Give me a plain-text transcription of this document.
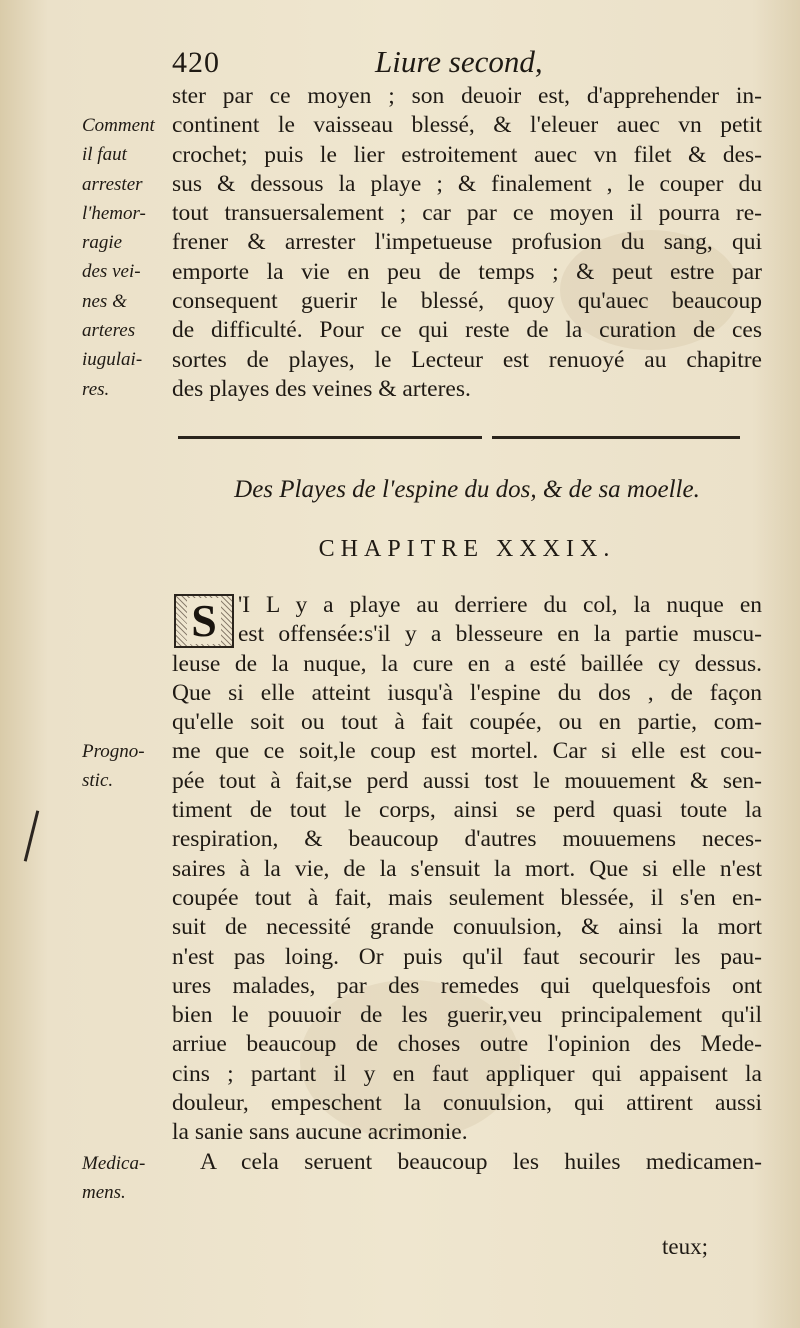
420	Liure second,
Comment
il faut
arrester
l'hemor-
ragie
des vei-
nes &
arteres
iugulai-
res.
ster par ce moyen ; son deuoir est, d'apprehender in-
continent le vaisseau blessé, & l'eleuer auec vn petit
crochet; puis le lier estroitement auec vn filet & des-
sus & dessous la playe ; & finalement , le couper du
tout transuersalement ; car par ce moyen il pourra re-
frener & arrester l'impetueuse profusion du sang, qui
emporte la vie en peu de temps ; & peut estre par
consequent guerir le blessé, quoy qu'auec beaucoup
de difficulté. Pour ce qui reste de la curation de ces
sortes de playes, le Lecteur est renuoyé au chapitre
des playes des veines & arteres.
Des Playes de l'espine du dos, & de sa moelle.
CHAPITRE XXXIX.
S
Progno-
stic.
Medica-
mens.
'I L y a playe au derriere du col, la nuque en
est offensée:s'il y a blesseure en la partie muscu-
leuse de la nuque, la cure en a esté baillée cy dessus.
Que si elle atteint iusqu'à l'espine du dos , de façon
qu'elle soit ou tout à fait coupée, ou en partie, com-
me que ce soit,le coup est mortel. Car si elle est cou-
pée tout à fait,se perd aussi tost le mouuement & sen-
timent de tout le corps, ainsi se perd quasi toute la
respiration, & beaucoup d'autres mouuemens neces-
saires à la vie, de la s'ensuit la mort. Que si elle n'est
coupée tout à fait, mais seulement blessée, il s'en en-
suit de necessité grande conuulsion, & ainsi la mort
n'est pas loing. Or puis qu'il faut secourir les pau-
ures malades, par des remedes qui quelquesfois ont
bien le pouuoir de les guerir,veu principalement qu'il
arriue beaucoup de choses outre l'opinion des Mede-
cins ; partant il y en faut appliquer qui appaisent la
douleur, empeschent la conuulsion, qui attirent aussi
la sanie sans aucune acrimonie.
A cela seruent beaucoup les huiles medicamen-
teux;
